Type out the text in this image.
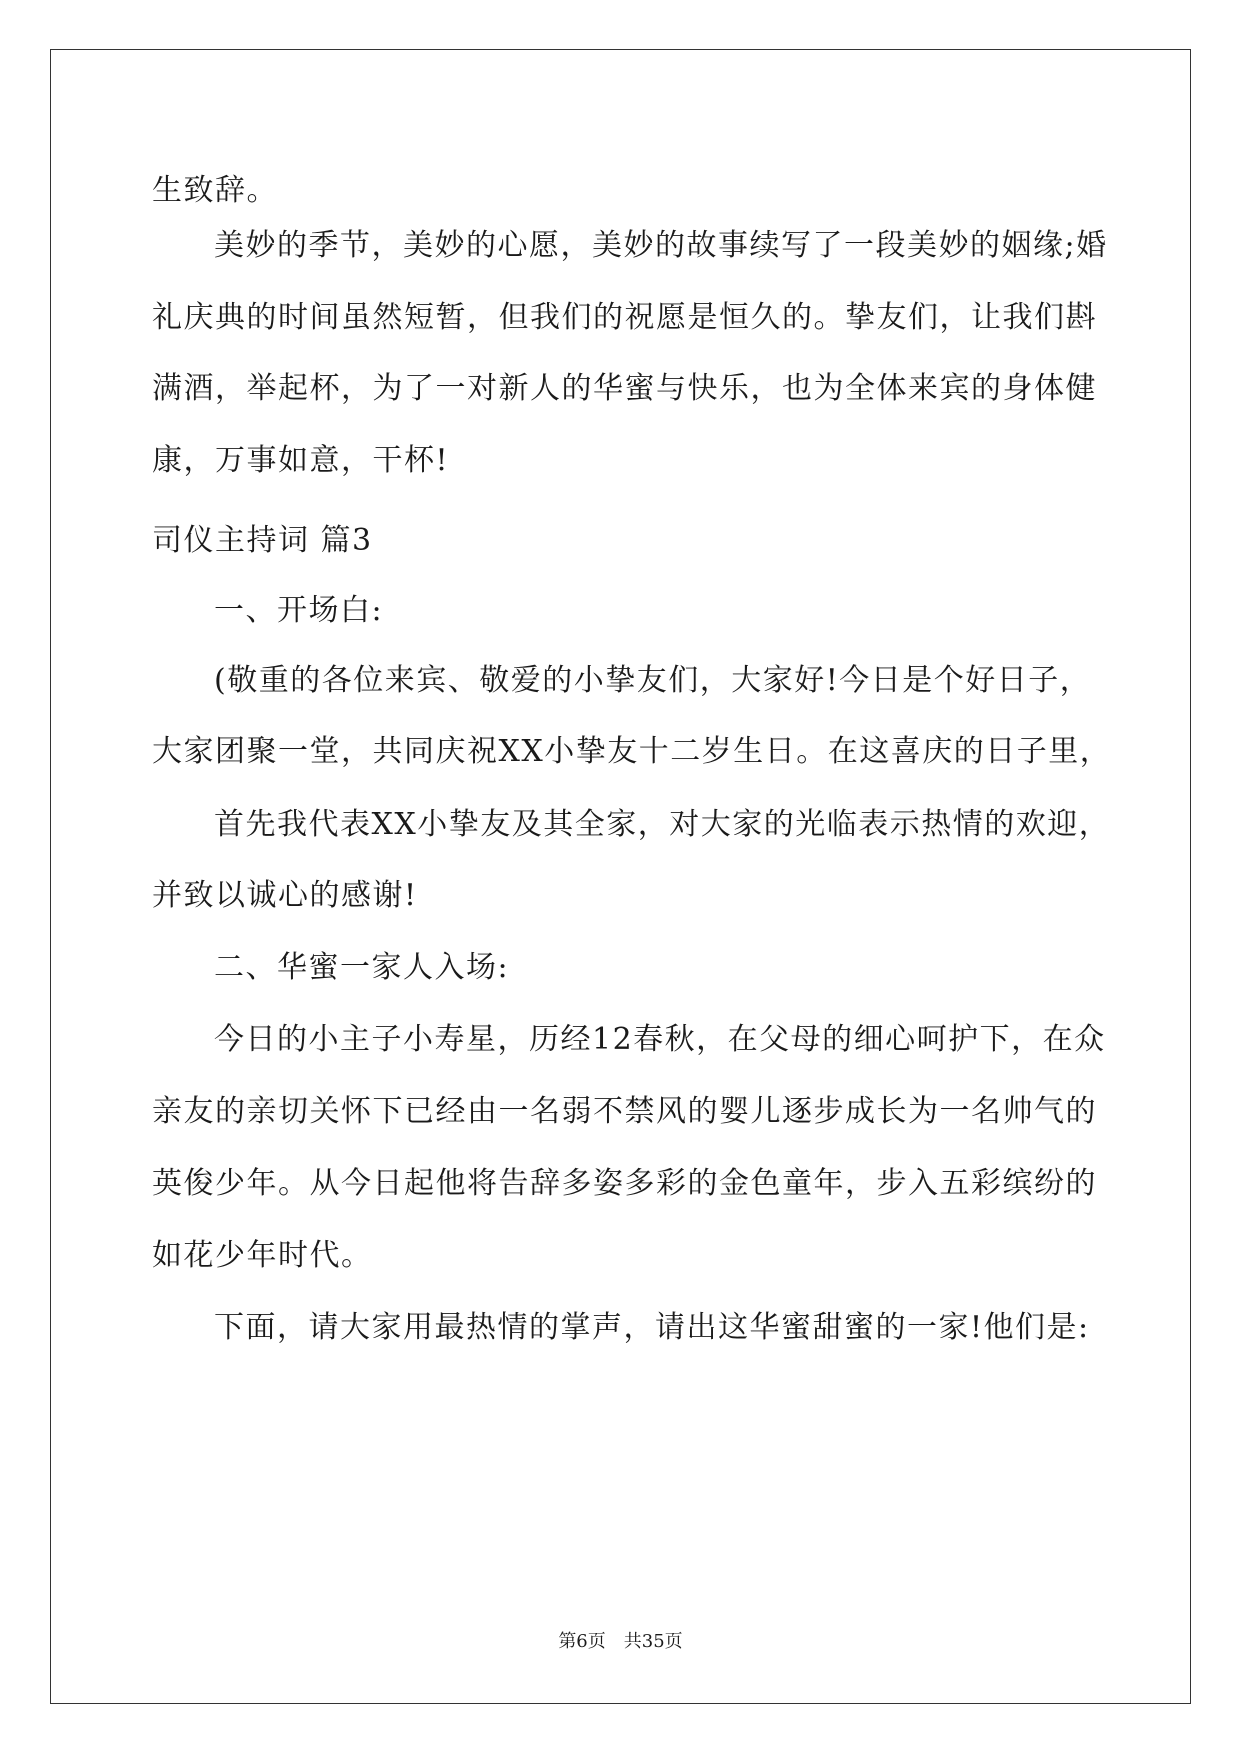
生致辞。
美妙的季节，美妙的心愿，美妙的故事续写了一段美妙的姻缘;婚
礼庆典的时间虽然短暂，但我们的祝愿是恒久的。挚友们，让我们斟
满酒，举起杯，为了一对新人的华蜜与快乐，也为全体来宾的身体健
康，万事如意，干杯!
司仪主持词 篇3
一、开场白:
(敬重的各位来宾、敬爱的小挚友们，大家好!今日是个好日子，
大家团聚一堂，共同庆祝XX小挚友十二岁生日。在这喜庆的日子里，
首先我代表XX小挚友及其全家，对大家的光临表示热情的欢迎，
并致以诚心的感谢!
二、华蜜一家人入场:
今日的小主子小寿星，历经12春秋，在父母的细心呵护下，在众
亲友的亲切关怀下已经由一名弱不禁风的婴儿逐步成长为一名帅气的
英俊少年。从今日起他将告辞多姿多彩的金色童年，步入五彩缤纷的
如花少年时代。
下面，请大家用最热情的掌声，请出这华蜜甜蜜的一家!他们是:
第6页　共35页
